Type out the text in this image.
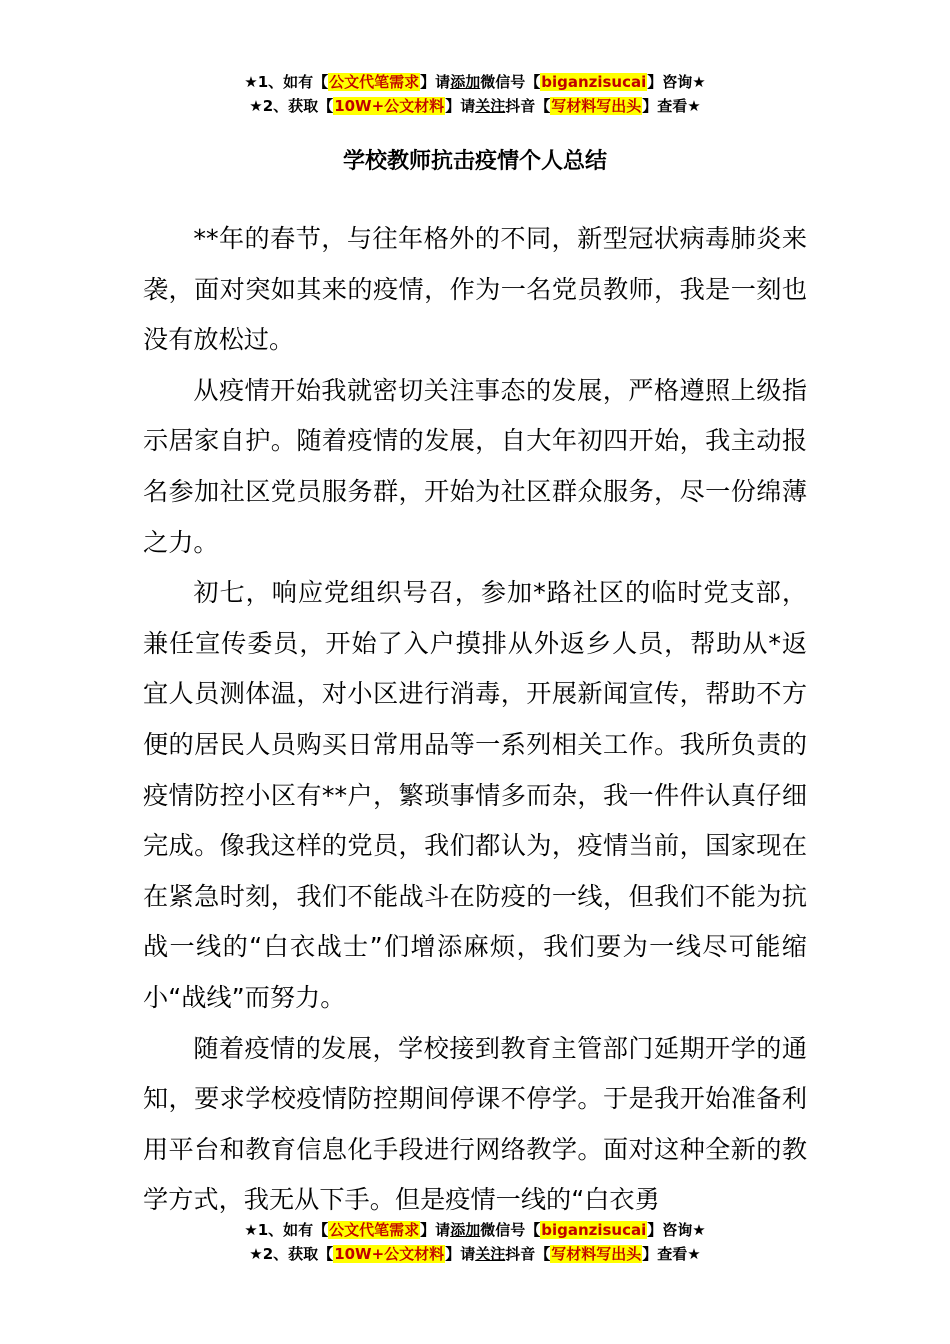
★1、如有【公文代笔需求】请添加微信号【biganzisucai】咨询★
★2、获取【10W+公文材料】请关注抖音【写材料写出头】查看★
学校教师抗击疫情个人总结

**年的春节，与往年格外的不同，新型冠状病毒肺炎来袭，面对突如其来的疫情，作为一名党员教师，我是一刻也没有放松过。

从疫情开始我就密切关注事态的发展，严格遵照上级指示居家自护。随着疫情的发展，自大年初四开始，我主动报名参加社区党员服务群，开始为社区群众服务，尽一份绵薄之力。

初七，响应党组织号召，参加*路社区的临时党支部，兼任宣传委员，开始了入户摸排从外返乡人员，帮助从*返宜人员测体温，对小区进行消毒，开展新闻宣传，帮助不方便的居民人员购买日常用品等一系列相关工作。我所负责的疫情防控小区有**户，繁琐事情多而杂，我一件件认真仔细完成。像我这样的党员，我们都认为，疫情当前，国家现在在紧急时刻，我们不能战斗在防疫的一线，但我们不能为抗战一线的“白衣战士”们增添麻烦，我们要为一线尽可能缩小“战线”而努力。

随着疫情的发展，学校接到教育主管部门延期开学的通知，要求学校疫情防控期间停课不停学。于是我开始准备利用平台和教育信息化手段进行网络教学。面对这种全新的教学方式，我无从下手。但是疫情一线的“白衣勇

★1、如有【公文代笔需求】请添加微信号【biganzisucai】咨询★
★2、获取【10W+公文材料】请关注抖音【写材料写出头】查看★
